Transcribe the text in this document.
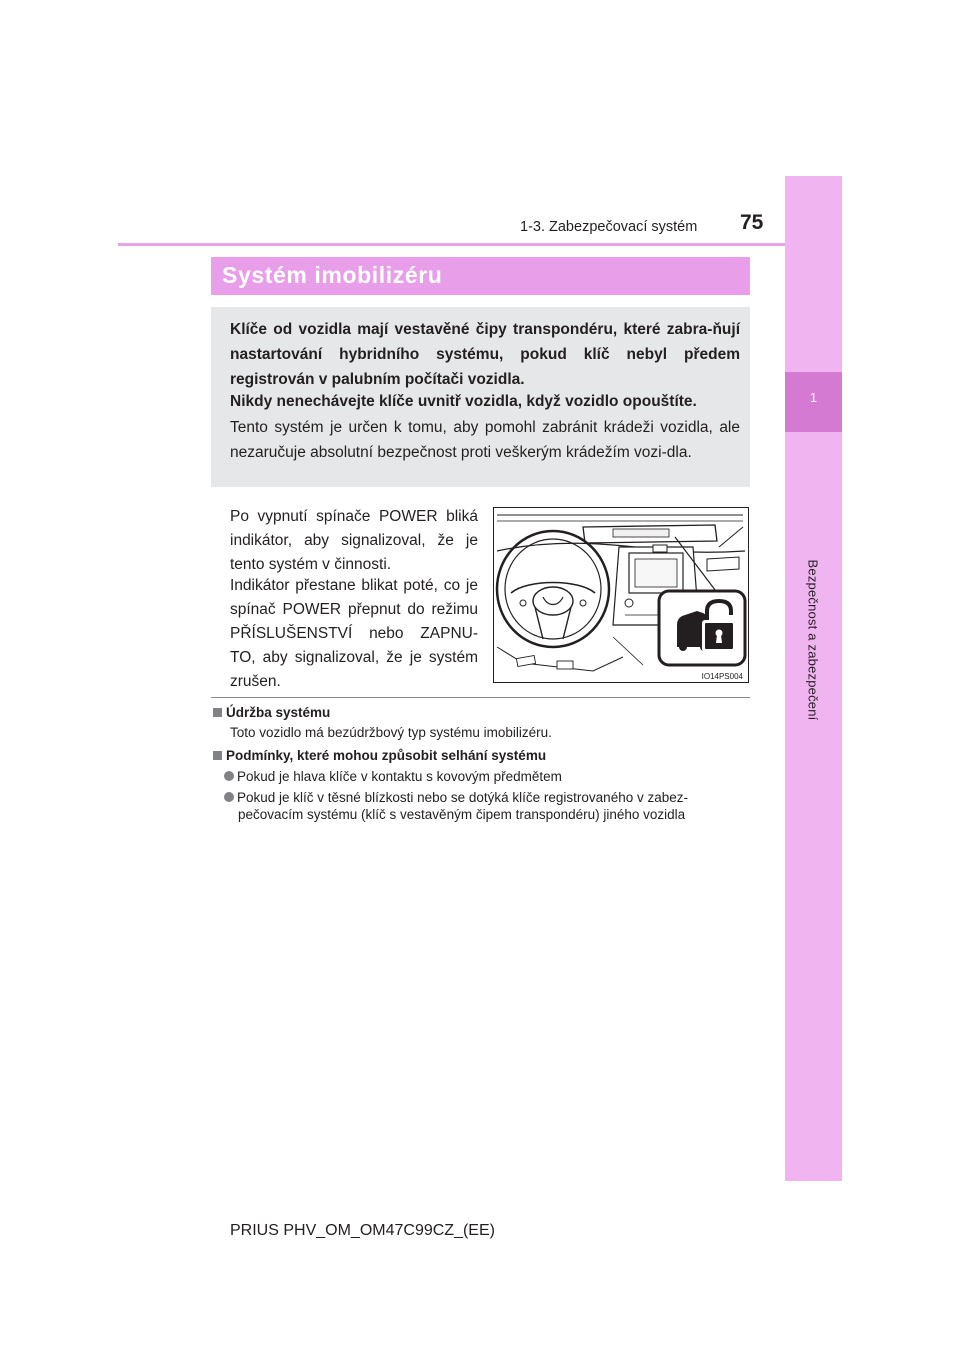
1
Bezpečnost a zabezpečení
1-3. Zabezpečovací systém 75
Systém imobilizéru
Klíče od vozidla mají vestavěné čipy transpondéru, které zabra-ňují nastartování hybridního systému, pokud klíč nebyl předem registrován v palubním počítači vozidla.
Nikdy nenechávejte klíče uvnitř vozidla, když vozidlo opouštíte.
Tento systém je určen k tomu, aby pomohl zabránit krádeži vozidla, ale nezaručuje absolutní bezpečnost proti veškerým krádežím vozi-dla.
Po vypnutí spínače POWER bliká indikátor, aby signalizoval, že je tento systém v činnosti.
Indikátor přestane blikat poté, co je spínač POWER přepnut do režimu PŘÍSLUŠENSTVÍ nebo ZAPNU-TO, aby signalizoval, že je systém zrušen.	IO14PS004
Údržba systému
Toto vozidlo má bezúdržbový typ systému imobilizéru.
Podmínky, které mohou způsobit selhání systému
Pokud je hlava klíče v kontaktu s kovovým předmětem
Pokud je klíč v těsné blízkosti nebo se dotýká klíče registrovaného v zabez-
pečovacím systému (klíč s vestavěným čipem transpondéru) jiného vozidla
PRIUS PHV_OM_OM47C99CZ_(EE)
